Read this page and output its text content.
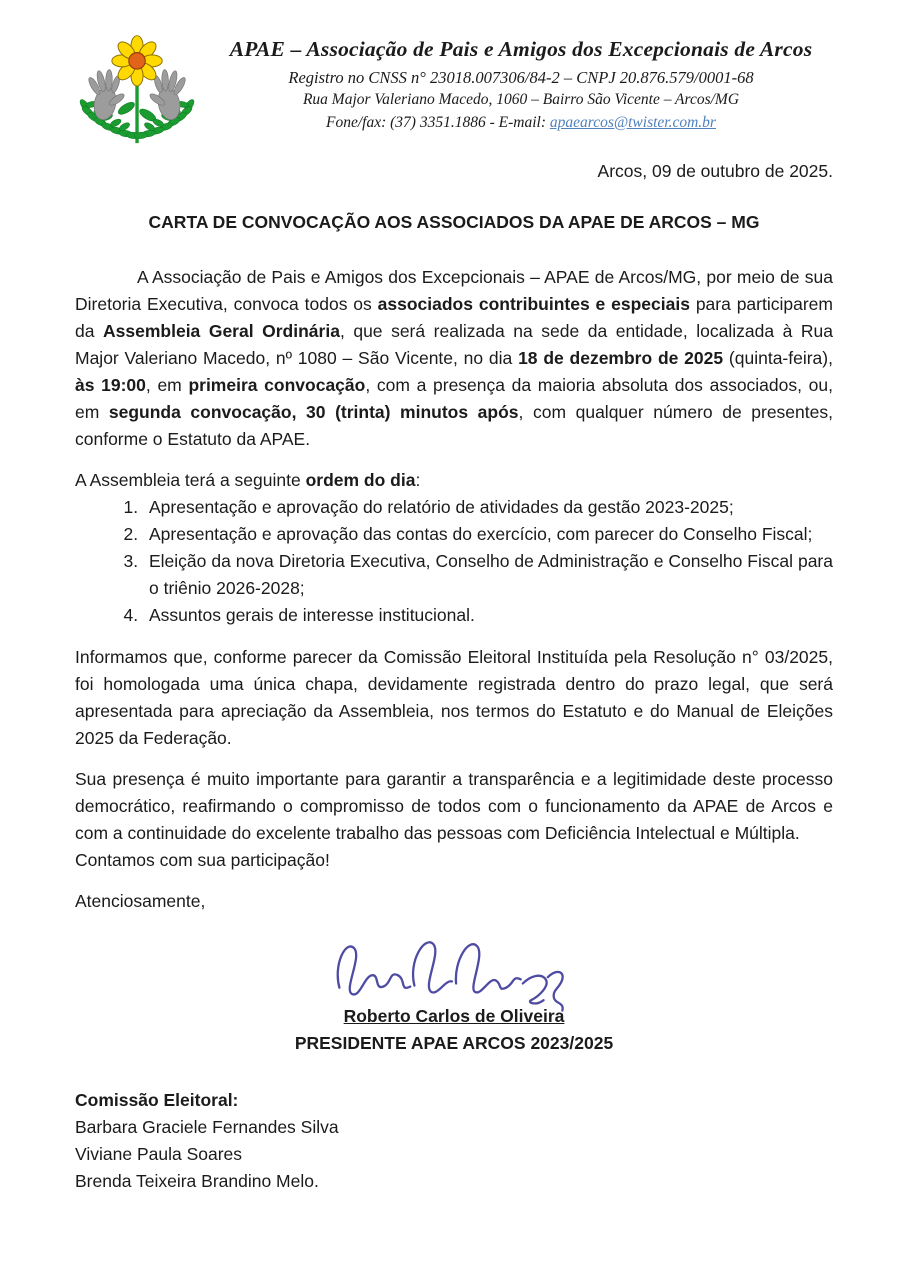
APAE – Associação de Pais e Amigos dos Excepcionais de Arcos
Registro no CNSS n° 23018.007306/84-2 – CNPJ 20.876.579/0001-68
Rua Major Valeriano Macedo, 1060 – Bairro São Vicente – Arcos/MG
Fone/fax: (37) 3351.1886 - E-mail: apaearcos@twister.com.br
Arcos, 09 de outubro de 2025.
CARTA DE CONVOCAÇÃO AOS ASSOCIADOS DA APAE DE ARCOS – MG

A Associação de Pais e Amigos dos Excepcionais – APAE de Arcos/MG, por meio de sua Diretoria Executiva, convoca todos os associados contribuintes e especiais para participarem da Assembleia Geral Ordinária, que será realizada na sede da entidade, localizada à Rua Major Valeriano Macedo, nº 1080 – São Vicente, no dia 18 de dezembro de 2025 (quinta-feira), às 19:00, em primeira convocação, com a presença da maioria absoluta dos associados, ou, em segunda convocação, 30 (trinta) minutos após, com qualquer número de presentes, conforme o Estatuto da APAE.

A Assembleia terá a seguinte ordem do dia:

1. Apresentação e aprovação do relatório de atividades da gestão 2023-2025;
2. Apresentação e aprovação das contas do exercício, com parecer do Conselho Fiscal;
3. Eleição da nova Diretoria Executiva, Conselho de Administração e Conselho Fiscal para o triênio 2026-2028;
4. Assuntos gerais de interesse institucional.

Informamos que, conforme parecer da Comissão Eleitoral Instituída pela Resolução n° 03/2025, foi homologada uma única chapa, devidamente registrada dentro do prazo legal, que será apresentada para apreciação da Assembleia, nos termos do Estatuto e do Manual de Eleições 2025 da Federação.

Sua presença é muito importante para garantir a transparência e a legitimidade deste processo democrático, reafirmando o compromisso de todos com o funcionamento da APAE de Arcos e com a continuidade do excelente trabalho das pessoas com Deficiência Intelectual e Múltipla.

Contamos com sua participação!

Atenciosamente,

Roberto Carlos de Oliveira
PRESIDENTE APAE ARCOS 2023/2025
Comissão Eleitoral:
Barbara Graciele Fernandes Silva
Viviane Paula Soares
Brenda Teixeira Brandino Melo.
